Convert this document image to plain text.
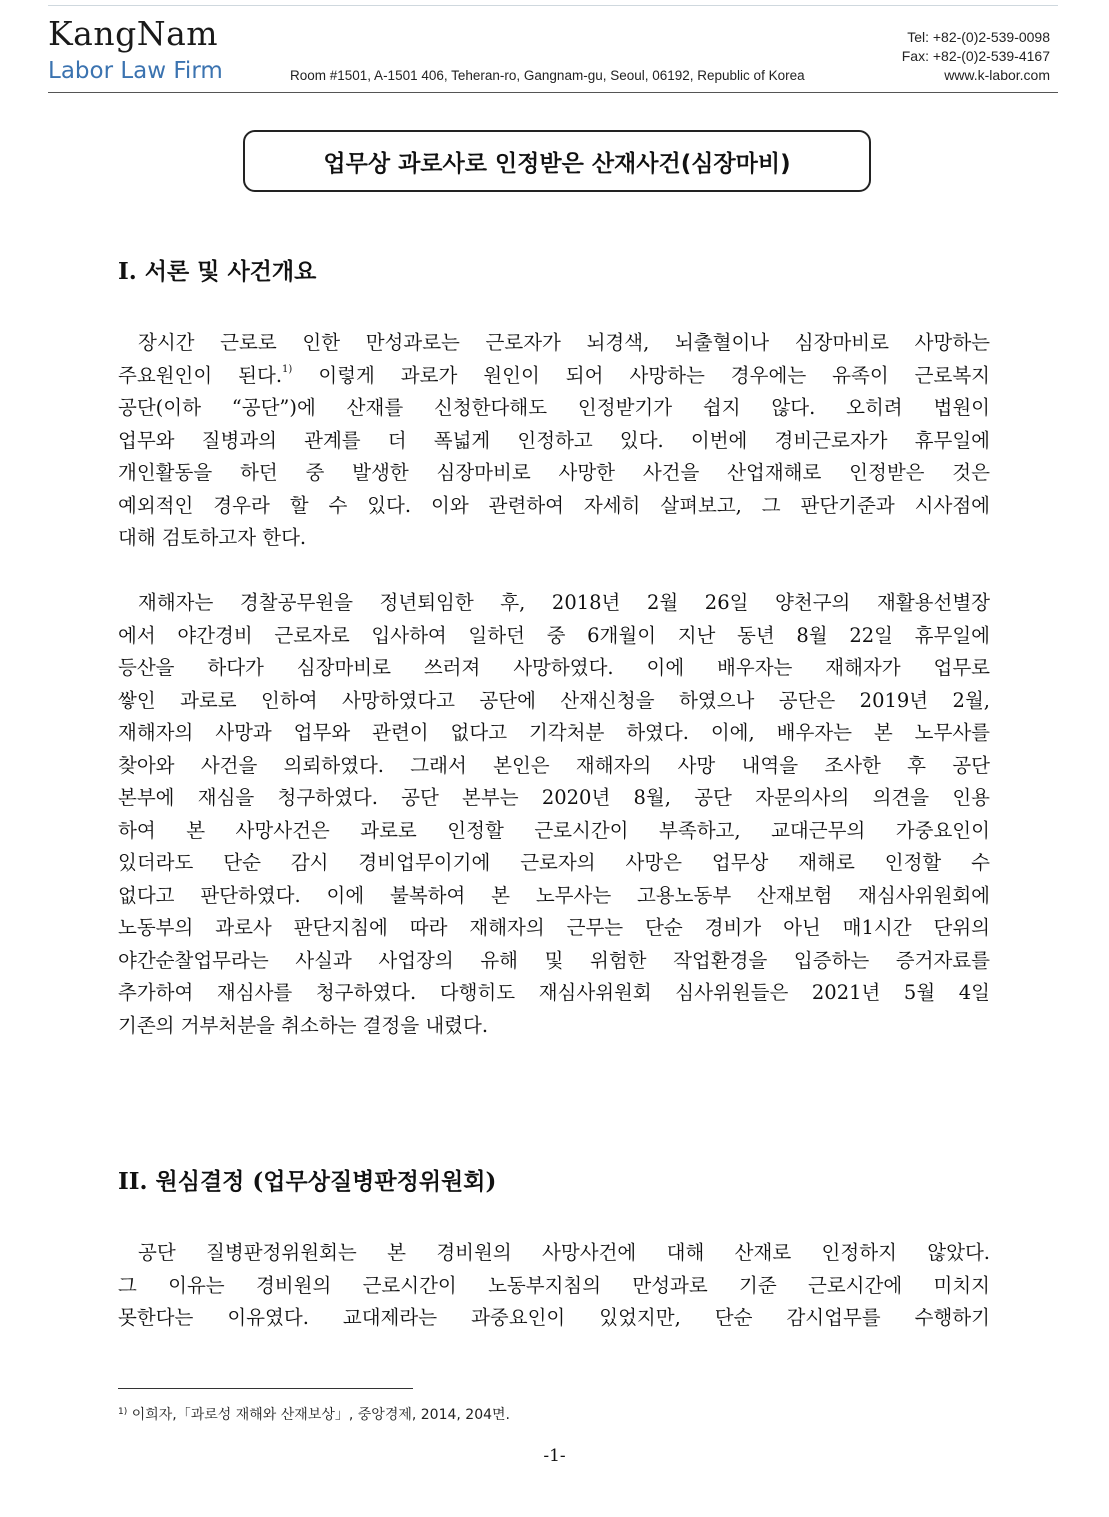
KangNam
Labor Law Firm	Room #1501, A-1501 406, Teheran-ro, Gangnam-gu, Seoul, 06192, Republic of Korea
Tel: +82-(0)2-539-0098
Fax: +82-(0)2-539-4167
www.k-labor.com
업무상 과로사로 인정받은 산재사건(심장마비)
I. 서론 및 사건개요
장시간 근로로 인한 만성과로는 근로자가 뇌경색, 뇌출혈이나 심장마비로 사망하는
주요원인이 된다.$^{1)}$ 이렇게 과로가 원인이 되어 사망하는 경우에는 유족이 근로복지
공단(이하 “공단”)에 산재를 신청한다해도 인정받기가 쉽지 않다. 오히려 법원이
업무와 질병과의 관계를 더 폭넓게 인정하고 있다. 이번에 경비근로자가 휴무일에
개인활동을 하던 중 발생한 심장마비로 사망한 사건을 산업재해로 인정받은 것은
예외적인 경우라 할 수 있다. 이와 관련하여 자세히 살펴보고, 그 판단기준과 시사점에
대해 검토하고자 한다.
재해자는 경찰공무원을 정년퇴임한 후, 2018년 2월 26일 양천구의 재활용선별장
에서 야간경비 근로자로 입사하여 일하던 중 6개월이 지난 동년 8월 22일 휴무일에
등산을 하다가 심장마비로 쓰러져 사망하였다. 이에 배우자는 재해자가 업무로
쌓인 과로로 인하여 사망하였다고 공단에 산재신청을 하였으나 공단은 2019년 2월,
재해자의 사망과 업무와 관련이 없다고 기각처분 하였다. 이에, 배우자는 본 노무사를
찾아와 사건을 의뢰하였다. 그래서 본인은 재해자의 사망 내역을 조사한 후 공단
본부에 재심을 청구하였다. 공단 본부는 2020년 8월, 공단 자문의사의 의견을 인용
하여 본 사망사건은 과로로 인정할 근로시간이 부족하고, 교대근무의 가중요인이
있더라도 단순 감시 경비업무이기에 근로자의 사망은 업무상 재해로 인정할 수
없다고 판단하였다. 이에 불복하여 본 노무사는 고용노동부 산재보험 재심사위원회에
노동부의 과로사 판단지침에 따라 재해자의 근무는 단순 경비가 아닌 매1시간 단위의
야간순찰업무라는 사실과 사업장의 유해 및 위험한 작업환경을 입증하는 증거자료를
추가하여 재심사를 청구하였다. 다행히도 재심사위원회 심사위원들은 2021년 5월 4일
기존의 거부처분을 취소하는 결정을 내렸다.
II. 원심결정 (업무상질병판정위원회)
공단 질병판정위원회는 본 경비원의 사망사건에 대해 산재로 인정하지 않았다.
그 이유는 경비원의 근로시간이 노동부지침의 만성과로 기준 근로시간에 미치지
못한다는 이유였다. 교대제라는 과중요인이 있었지만, 단순 감시업무를 수행하기
$^{1)}$ 이희자,「과로성 재해와 산재보상」, 중앙경제, 2014, 204면.
-1-
